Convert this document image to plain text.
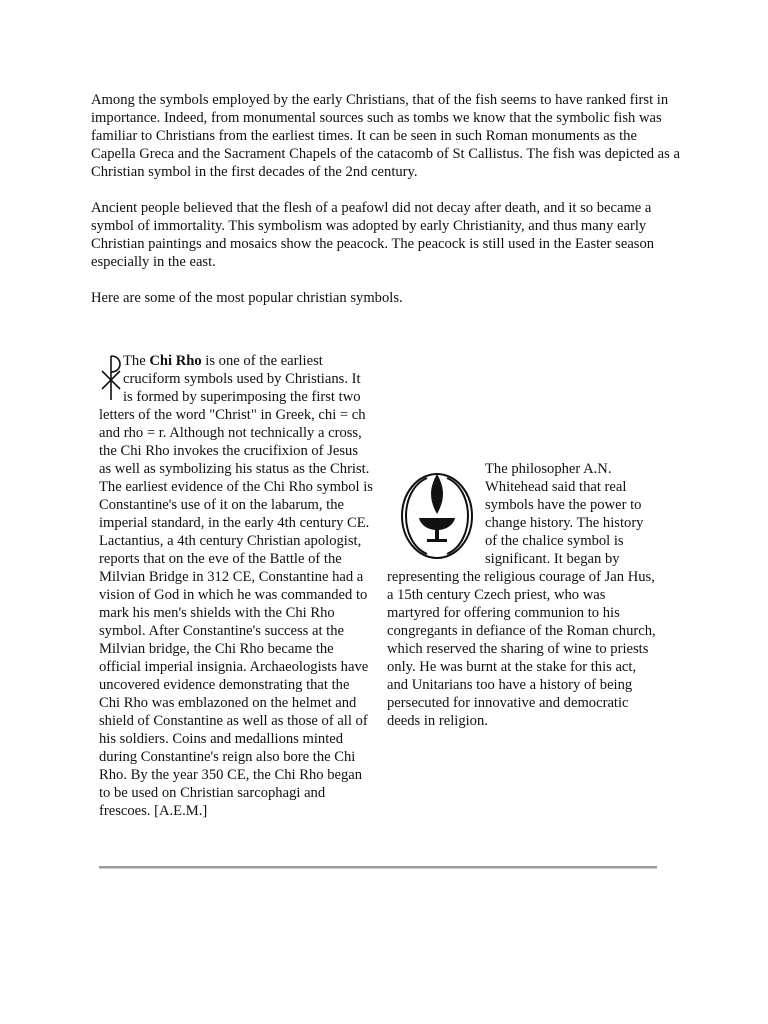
Among the symbols employed by the early Christians, that of the fish seems to have ranked first in importance. Indeed, from monumental sources such as tombs we know that the symbolic fish was familiar to Christians from the earliest times. It can be seen in such Roman monuments as the Capella Greca and the Sacrament Chapels of the catacomb of St Callistus. The fish was depicted as a Christian symbol in the first decades of the 2nd century.

Ancient people believed that the flesh of a peafowl did not decay after death, and it so became a symbol of immortality. This symbolism was adopted by early Christianity, and thus many early Christian paintings and mosaics show the peacock. The peacock is still used in the Easter season especially in the east.

Here are some of the most popular christian symbols.

The Chi Rho is one of the earliest cruciform symbols used by Christians. It is formed by superimposing the first two letters of the word "Christ" in Greek, chi = ch and rho = r. Although not technically a cross, the Chi Rho invokes the crucifixion of Jesus as well as symbolizing his status as the Christ. The earliest evidence of the Chi Rho symbol is Constantine's use of it on the labarum, the imperial standard, in the early 4th century CE. Lactantius, a 4th century Christian apologist, reports that on the eve of the Battle of the Milvian Bridge in 312 CE, Constantine had a vision of God in which he was commanded to mark his men's shields with the Chi Rho symbol. After Constantine's success at the Milvian bridge, the Chi Rho became the official imperial insignia. Archaeologists have uncovered evidence demonstrating that the Chi Rho was emblazoned on the helmet and shield of Constantine as well as those of all of his soldiers. Coins and medallions minted during Constantine's reign also bore the Chi Rho. By the year 350 CE, the Chi Rho began to be used on Christian sarcophagi and frescoes. [A.E.M.]

The philosopher A.N. Whitehead said that real symbols have the power to change history. The history of the chalice symbol is significant. It began by representing the religious courage of Jan Hus, a 15th century Czech priest, who was martyred for offering communion to his congregants in defiance of the Roman church, which reserved the sharing of wine to priests only. He was burnt at the stake for this act, and Unitarians too have a history of being persecuted for innovative and democratic deeds in religion.
